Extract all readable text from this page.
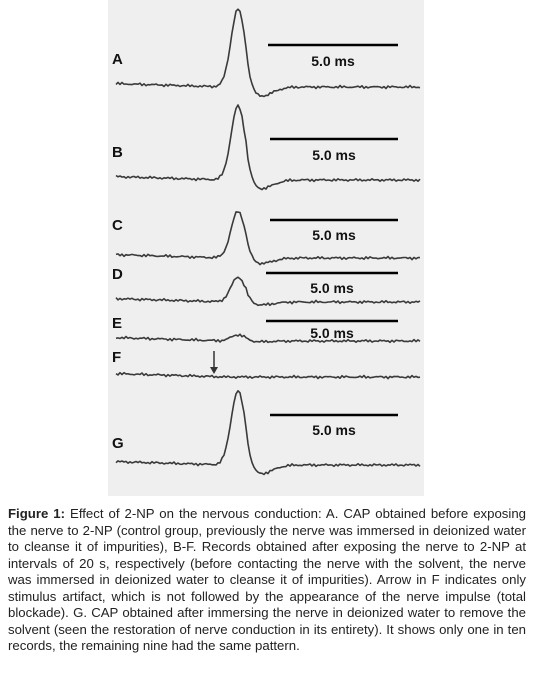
A	5.0 ms
B	5.0 ms
C
5.0 ms
D
5.0 ms
E
5.0 ms
F
G
5.0 ms
Figure 1: Effect of 2-NP on the nervous conduction: A. CAP obtained before exposing the nerve to 2-NP (control group, previously the nerve was immersed in deionized water to cleanse it of impurities), B-F. Records obtained after exposing the nerve to 2-NP at intervals of 20 s, respectively (before contacting the nerve with the solvent, the nerve was immersed in deionized water to cleanse it of impurities). Arrow in F indicates only stimulus artifact, which is not followed by the appearance of the nerve impulse (total blockade). G. CAP obtained after immersing the nerve in deionized water to remove the solvent (seen the restoration of nerve conduction in its entirety). It shows only one in ten records, the remaining nine had the same pattern.
